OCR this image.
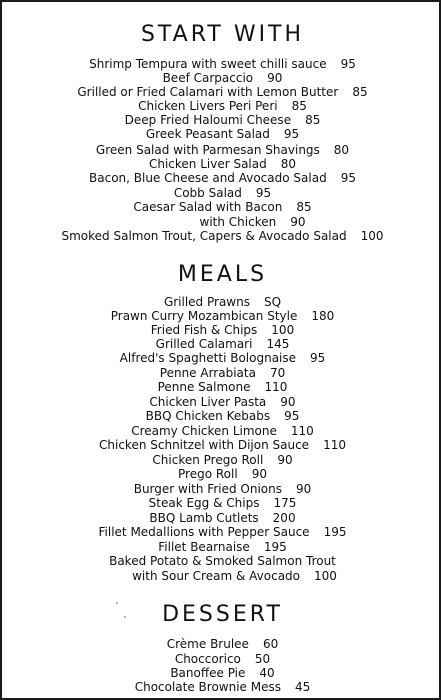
START WITH
Shrimp Tempura with sweet chilli sauce 95
Beef Carpaccio 90
Grilled or Fried Calamari with Lemon Butter 85
Chicken Livers Peri Peri 85
Deep Fried Haloumi Cheese 85
Greek Peasant Salad 95
Green Salad with Parmesan Shavings 80
Chicken Liver Salad 80
Bacon, Blue Cheese and Avocado Salad 95
Cobb Salad 95
Caesar Salad with Bacon 85
with Chicken 90
Smoked Salmon Trout, Capers & Avocado Salad 100
MEALS
Grilled Prawns SQ
Prawn Curry Mozambican Style 180
Fried Fish & Chips 100
Grilled Calamari 145
Alfred's Spaghetti Bolognaise 95
Penne Arrabiata 70
Penne Salmone 110
Chicken Liver Pasta 90
BBQ Chicken Kebabs 95
Creamy Chicken Limone 110
Chicken Schnitzel with Dijon Sauce 110
Chicken Prego Roll 90
Prego Roll 90
Burger with Fried Onions 90
Steak Egg & Chips 175
BBQ Lamb Cutlets 200
Fillet Medallions with Pepper Sauce 195
Fillet Bearnaise 195
Baked Potato & Smoked Salmon Trout
with Sour Cream & Avocado 100
DESSERT
Crème Brulee 60
Choccorico 50
Banoffee Pie 40
Chocolate Brownie Mess 45
